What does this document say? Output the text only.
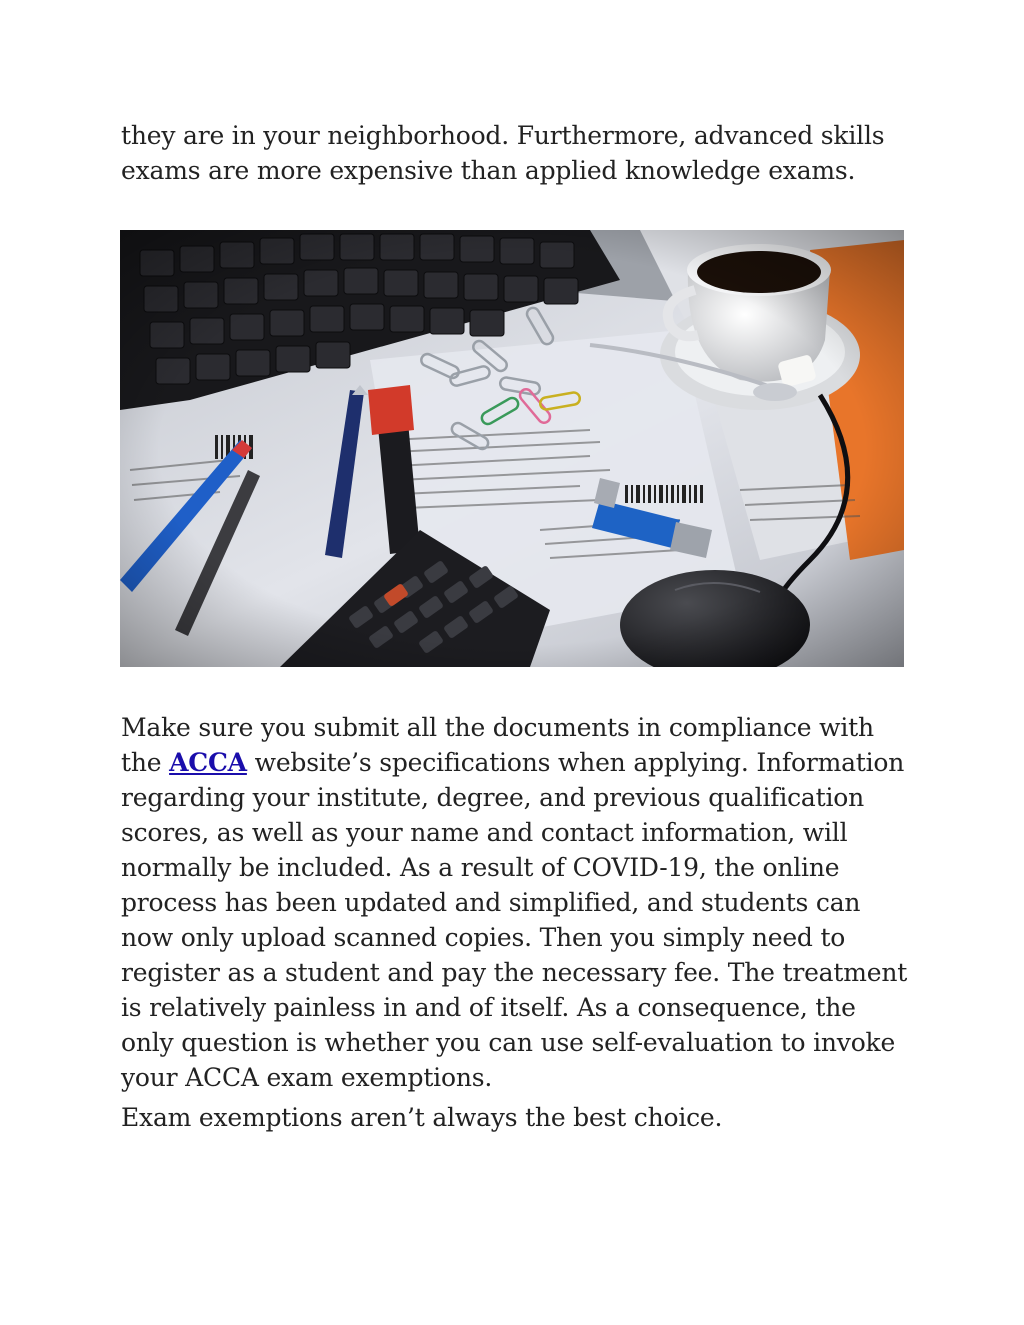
they are in your neighborhood. Furthermore, advanced skills
exams are more expensive than applied knowledge exams.

Make sure you submit all the documents in compliance with
the ACCA website’s specifications when applying. Information regarding your institute, degree, and previous qualification scores, as well as your name and contact information, will normally be included. As a result of COVID-19, the online process has been updated and simplified, and students can now only upload scanned copies. Then you simply need to register as a student and pay the necessary fee. The treatment is relatively painless in and of itself. As a consequence, the only question is whether you can use self-evaluation to invoke your ACCA exam exemptions.

Exam exemptions aren’t always the best choice.
